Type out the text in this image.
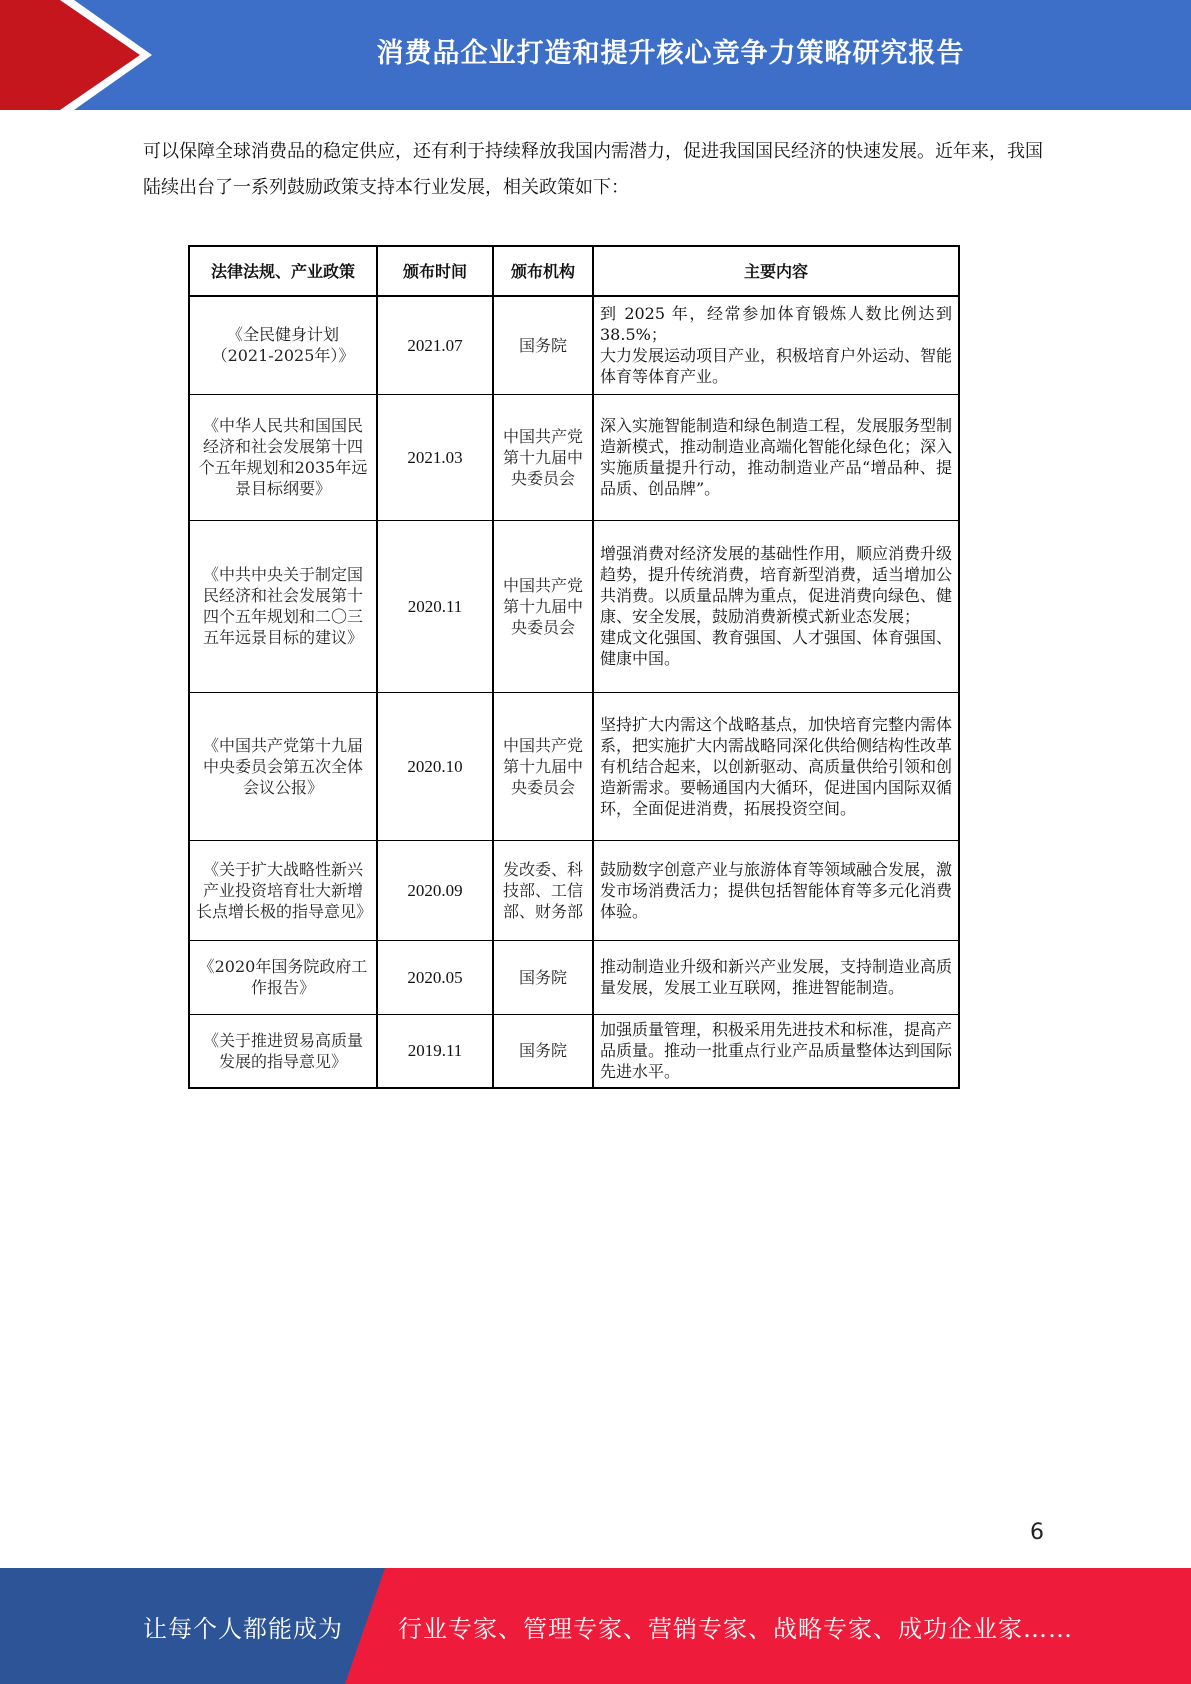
消费品企业打造和提升核心竞争力策略研究报告
可以保障全球消费品的稳定供应，还有利于持续释放我国内需潜力，促进我国国民经济的快速发展。近年来，我国陆续出台了一系列鼓励政策支持本行业发展，相关政策如下：
法律法规、产业政策	颁布时间	颁布机构	主要内容
《全民健身计划（2021-2025年）》	2021.07	国务院	到 2025 年，经常参加体育锻炼人数比例达到 38.5%；

大力发展运动项目产业，积极培育户外运动、智能体育等体育产业。

《中华人民共和国国民经济和社会发展第十四个五年规划和2035年远景目标纲要》	2021.03	中国共产党第十九届中央委员会	深入实施智能制造和绿色制造工程，发展服务型制造新模式，推动制造业高端化智能化绿色化；深入实施质量提升行动，推动制造业产品“增品种、提品质、创品牌”。

《中共中央关于制定国民经济和社会发展第十四个五年规划和二〇三五年远景目标的建议》	2020.11	中国共产党第十九届中央委员会	增强消费对经济发展的基础性作用，顺应消费升级趋势，提升传统消费，培育新型消费，适当增加公共消费。以质量品牌为重点，促进消费向绿色、健康、安全发展，鼓励消费新模式新业态发展；

建成文化强国、教育强国、人才强国、体育强国、健康中国。

《中国共产党第十九届中央委员会第五次全体会议公报》	2020.10	中国共产党第十九届中央委员会	坚持扩大内需这个战略基点，加快培育完整内需体系，把实施扩大内需战略同深化供给侧结构性改革有机结合起来，以创新驱动、高质量供给引领和创造新需求。要畅通国内大循环，促进国内国际双循环，全面促进消费，拓展投资空间。

《关于扩大战略性新兴产业投资培育壮大新增长点增长极的指导意见》	2020.09	发改委、科技部、工信部、财务部	鼓励数字创意产业与旅游体育等领域融合发展，激发市场消费活力；提供包括智能体育等多元化消费体验。

《2020年国务院政府工作报告》	2020.05	国务院	推动制造业升级和新兴产业发展，支持制造业高质量发展，发展工业互联网，推进智能制造。

《关于推进贸易高质量发展的指导意见》	2019.11	国务院	加强质量管理，积极采用先进技术和标准，提高产品质量。推动一批重点行业产品质量整体达到国际先进水平。

6
让每个人都能成为 行业专家、管理专家、营销专家、战略专家、成功企业家……
